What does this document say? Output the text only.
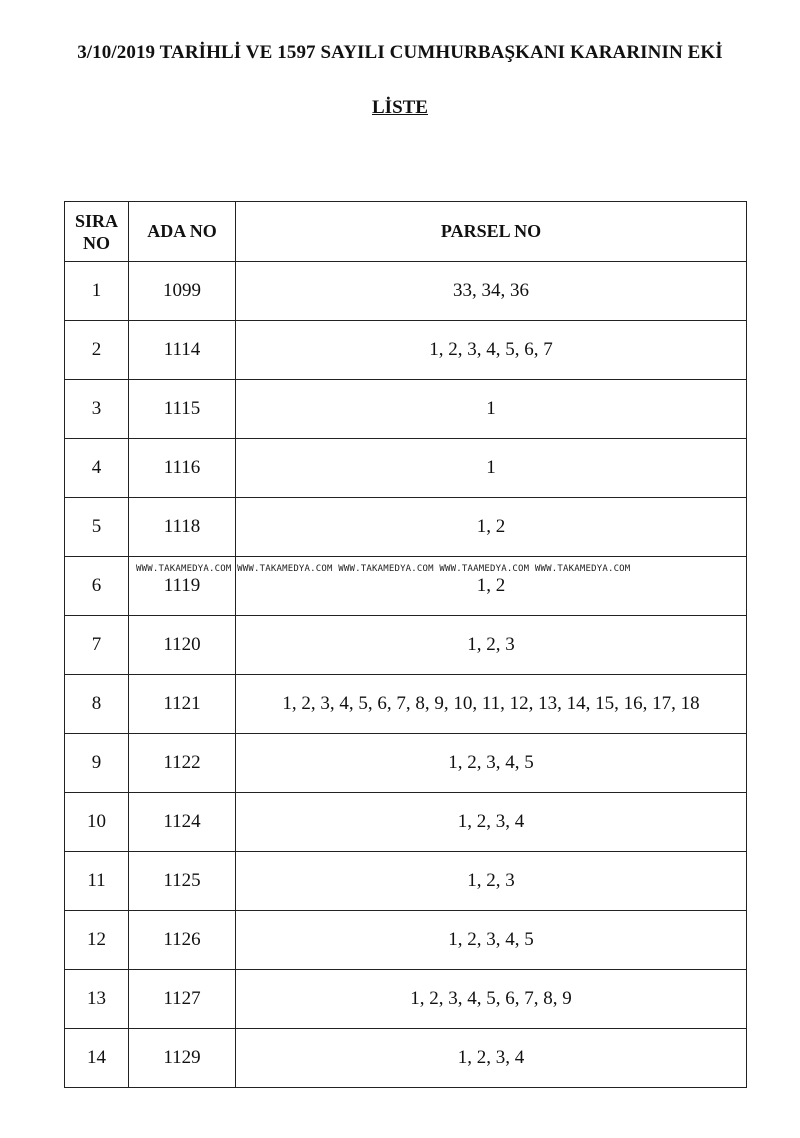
3/10/2019 TARİHLİ VE 1597 SAYILI CUMHURBAŞKANI KARARININ EKİ
LİSTE
SIRA
NO	ADA NO	PARSEL NO
1	1099	33, 34, 36
2	1114	1, 2, 3, 4, 5, 6, 7
3	1115	1
4	1116	1
5	1118	1, 2
6	1119	1, 2
7	1120	1, 2, 3
8	1121	1, 2, 3, 4, 5, 6, 7, 8, 9, 10, 11, 12, 13, 14, 15, 16, 17, 18
9	1122	1, 2, 3, 4, 5
10	1124	1, 2, 3, 4
11	1125	1, 2, 3
12	1126	1, 2, 3, 4, 5
13	1127	1, 2, 3, 4, 5, 6, 7, 8, 9
14	1129	1, 2, 3, 4
WWW.TAKAMEDYA.COM WWW.TAKAMEDYA.COM WWW.TAKAMEDYA.COM WWW.TAAMEDYA.COM WWW.TAKAMEDYA.COM
